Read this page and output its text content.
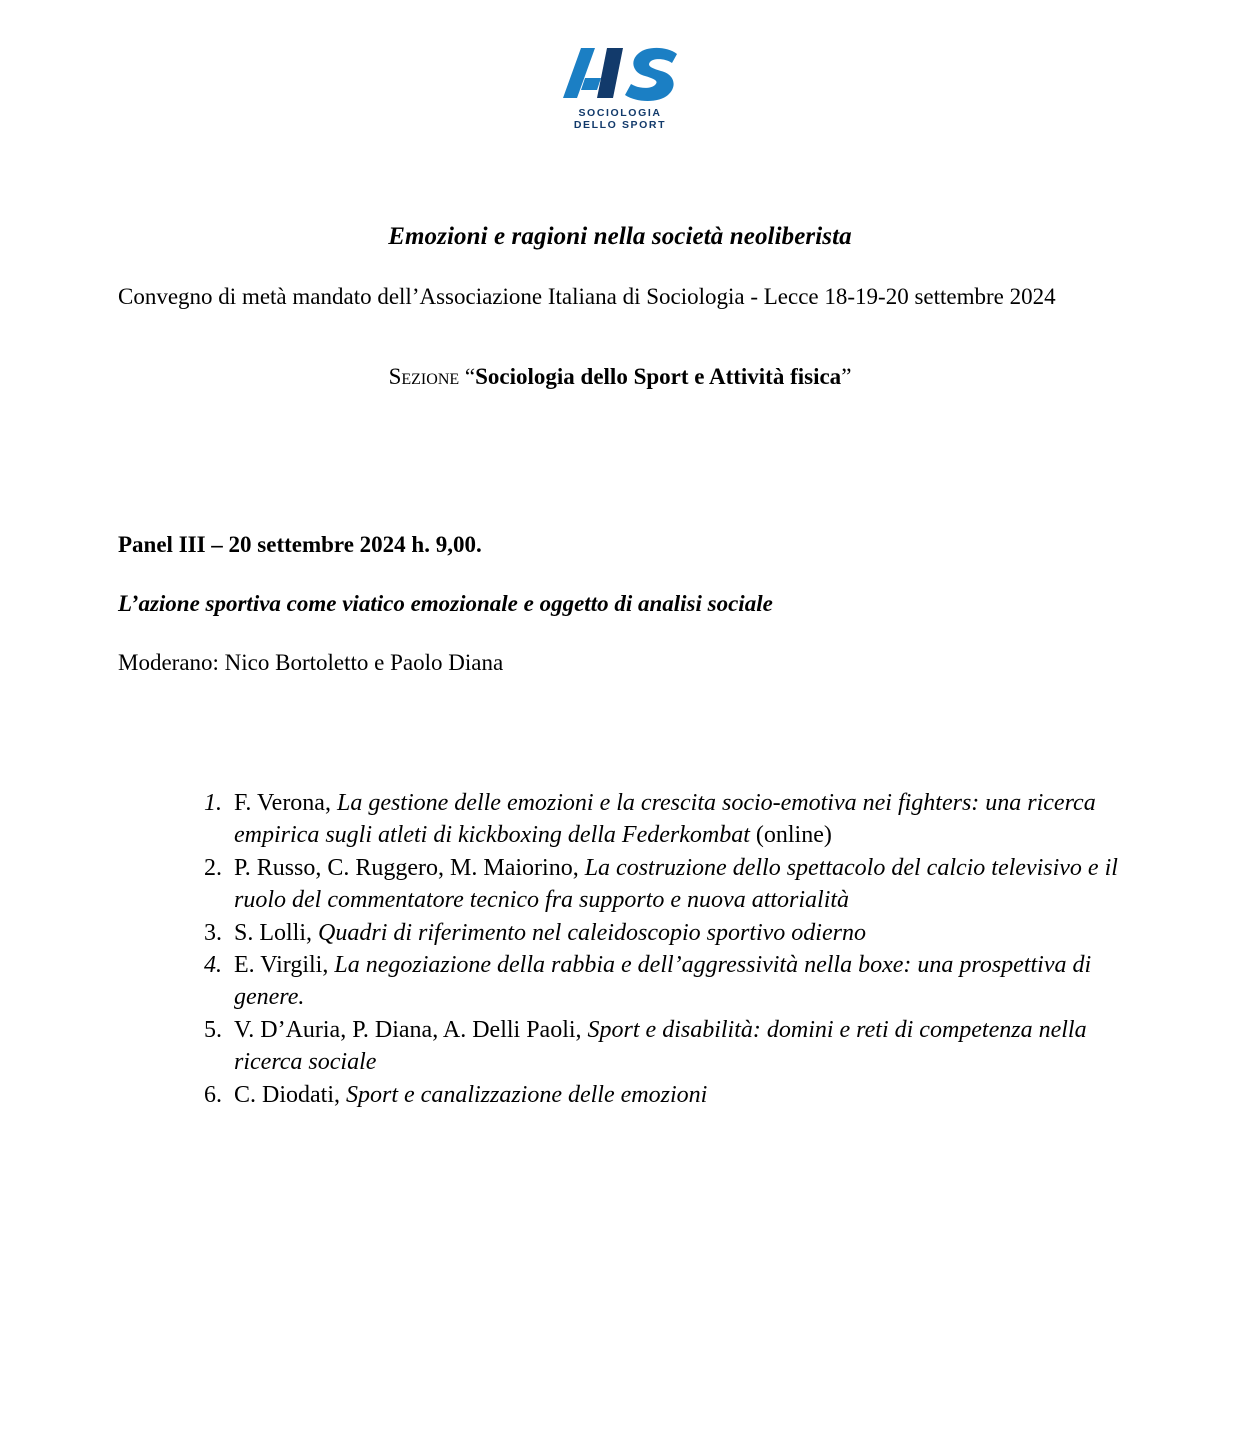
SOCIOLOGIA
DELLO SPORT
Emozioni e ragioni nella società neoliberista

Convegno di metà mandato dell’Associazione Italiana di Sociologia - Lecce 18-19-20 settembre 2024

Sezione “Sociologia dello Sport e Attività fisica”

Panel III – 20 settembre 2024 h. 9,00.

L’azione sportiva come viatico emozionale e oggetto di analisi sociale

Moderano: Nico Bortoletto e Paolo Diana

1. F. Verona, La gestione delle emozioni e la crescita socio-emotiva nei fighters: una ricerca empirica sugli atleti di kickboxing della Federkombat (online)
2. P. Russo, C. Ruggero, M. Maiorino, La costruzione dello spettacolo del calcio televisivo e il ruolo del commentatore tecnico fra supporto e nuova attorialità
3. S. Lolli, Quadri di riferimento nel caleidoscopio sportivo odierno
4. E. Virgili, La negoziazione della rabbia e dell’aggressività nella boxe: una prospettiva di genere.
5. V. D’Auria, P. Diana, A. Delli Paoli, Sport e disabilità: domini e reti di competenza nella ricerca sociale
6. C. Diodati, Sport e canalizzazione delle emozioni
